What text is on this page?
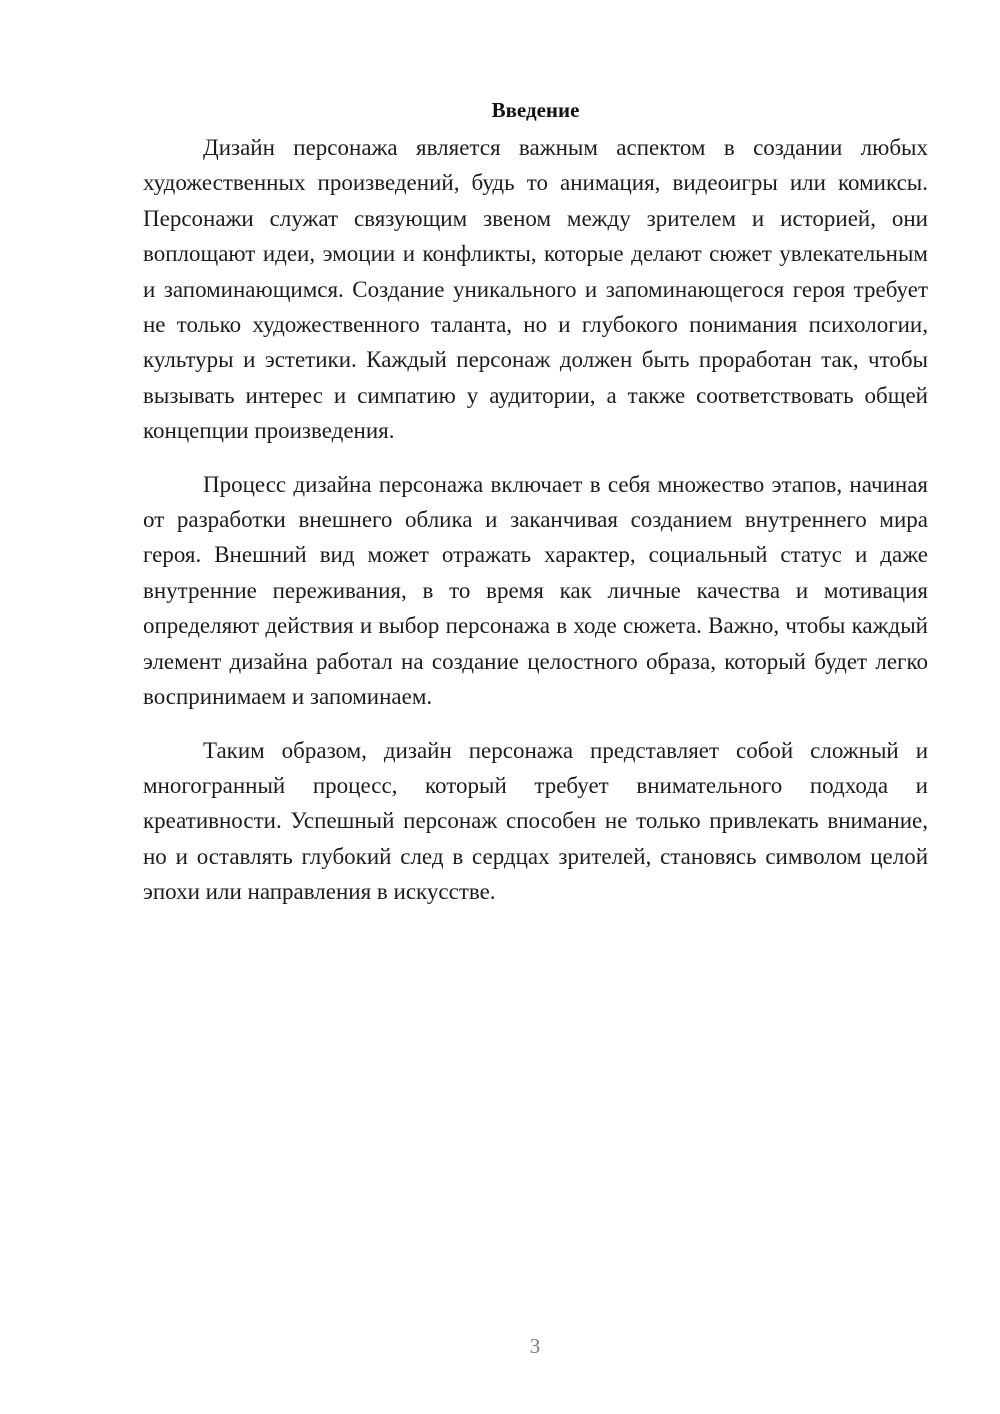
Введение

Дизайн персонажа является важным аспектом в создании любых художественных произведений, будь то анимация, видеоигры или комиксы. Персонажи служат связующим звеном между зрителем и историей, они воплощают идеи, эмоции и конфликты, которые делают сюжет увлекательным и запоминающимся. Создание уникального и запоминающегося героя требует не только художественного таланта, но и глубокого понимания психологии, культуры и эстетики. Каждый персонаж должен быть проработан так, чтобы вызывать интерес и симпатию у аудитории, а также соответствовать общей концепции произведения.

Процесс дизайна персонажа включает в себя множество этапов, начиная от разработки внешнего облика и заканчивая созданием внутреннего мира героя. Внешний вид может отражать характер, социальный статус и даже внутренние переживания, в то время как личные качества и мотивация определяют действия и выбор персонажа в ходе сюжета. Важно, чтобы каждый элемент дизайна работал на создание целостного образа, который будет легко воспринимаем и запоминаем.

Таким образом, дизайн персонажа представляет собой сложный и многогранный процесс, который требует внимательного подхода и креативности. Успешный персонаж способен не только привлекать внимание, но и оставлять глубокий след в сердцах зрителей, становясь символом целой эпохи или направления в искусстве.

3
